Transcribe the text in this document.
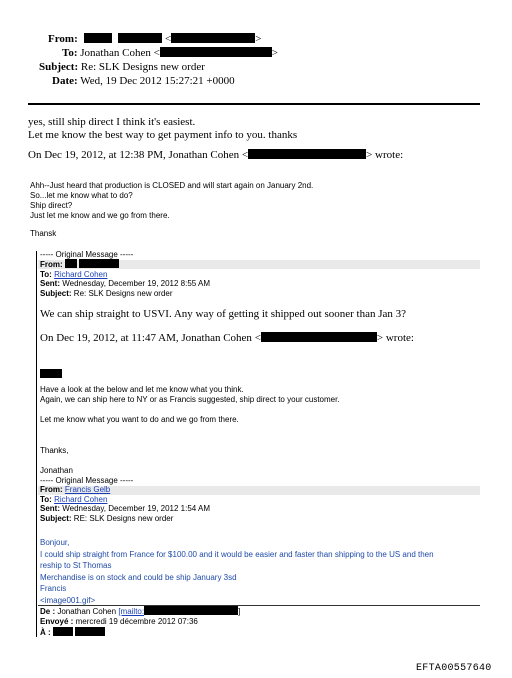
From:	<	>
To: Jonathan Cohen <	>
Subject: Re: SLK Designs new order
Date: Wed, 19 Dec 2012 15:27:21 +0000
yes, still ship direct I think it's easiest.
Let me know the best way to get payment info to you. thanks
On Dec 19, 2012, at 12:38 PM, Jonathan Cohen <	> wrote:
Ahh--Just heard that production is CLOSED and will start again on January 2nd.
So...let me know what to do?
Ship direct?
Just let me know and we go from there.
Thansk
----- Original Message -----
From:
To: Richard Cohen
Sent: Wednesday, December 19, 2012 8:55 AM
Subject: Re: SLK Designs new order
We can ship straight to USVI. Any way of getting it shipped out sooner than Jan 3?
On Dec 19, 2012, at 11:47 AM, Jonathan Cohen <	> wrote:
Have a look at the below and let me know what you think.
Again, we can ship here to NY or as Francis suggested, ship direct to your customer.
Let me know what you want to do and we go from there.
Thanks,
Jonathan
----- Original Message -----
From: Francis Gelb
To: Richard Cohen
Sent: Wednesday, December 19, 2012 1:54 AM
Subject: RE: SLK Designs new order
Bonjour,
I could ship straight from France for $100.00 and it would be easier and faster than shipping to the US and then
reship to St Thomas
Merchandise is on stock and could be ship January 3sd
Francis
<image001.gif>
De : Jonathan Cohen [mailto:	]
Envoyé : mercredi 19 décembre 2012 07:36
À :
EFTA00557640
